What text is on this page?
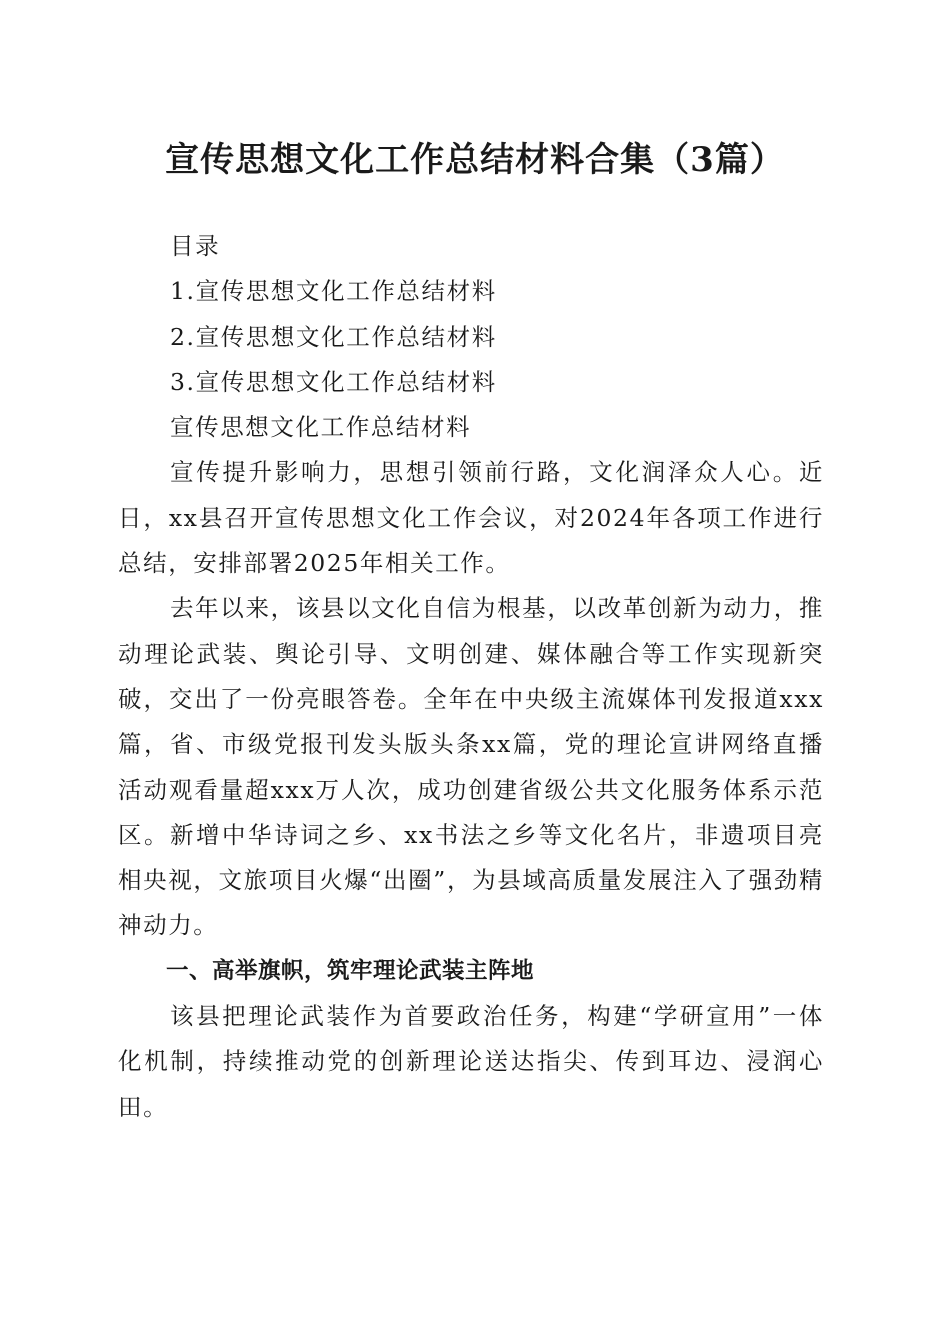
宣传思想文化工作总结材料合集（3篇）
目录
1.宣传思想文化工作总结材料
2.宣传思想文化工作总结材料
3.宣传思想文化工作总结材料
宣传思想文化工作总结材料

宣传提升影响力，思想引领前行路，文化润泽众人心。近日，xx县召开宣传思想文化工作会议，对2024年各项工作进行总结，安排部署2025年相关工作。

去年以来，该县以文化自信为根基，以改革创新为动力，推动理论武装、舆论引导、文明创建、媒体融合等工作实现新突破，交出了一份亮眼答卷。全年在中央级主流媒体刊发报道xxx篇，省、市级党报刊发头版头条xx篇，党的理论宣讲网络直播活动观看量超xxx万人次，成功创建省级公共文化服务体系示范区。新增中华诗词之乡、xx书法之乡等文化名片，非遗项目亮相央视，文旅项目火爆“出圈”，为县域高质量发展注入了强劲精神动力。

一、高举旗帜，筑牢理论武装主阵地

该县把理论武装作为首要政治任务，构建“学研宣用”一体化机制，持续推动党的创新理论送达指尖、传到耳边、浸润心田。
